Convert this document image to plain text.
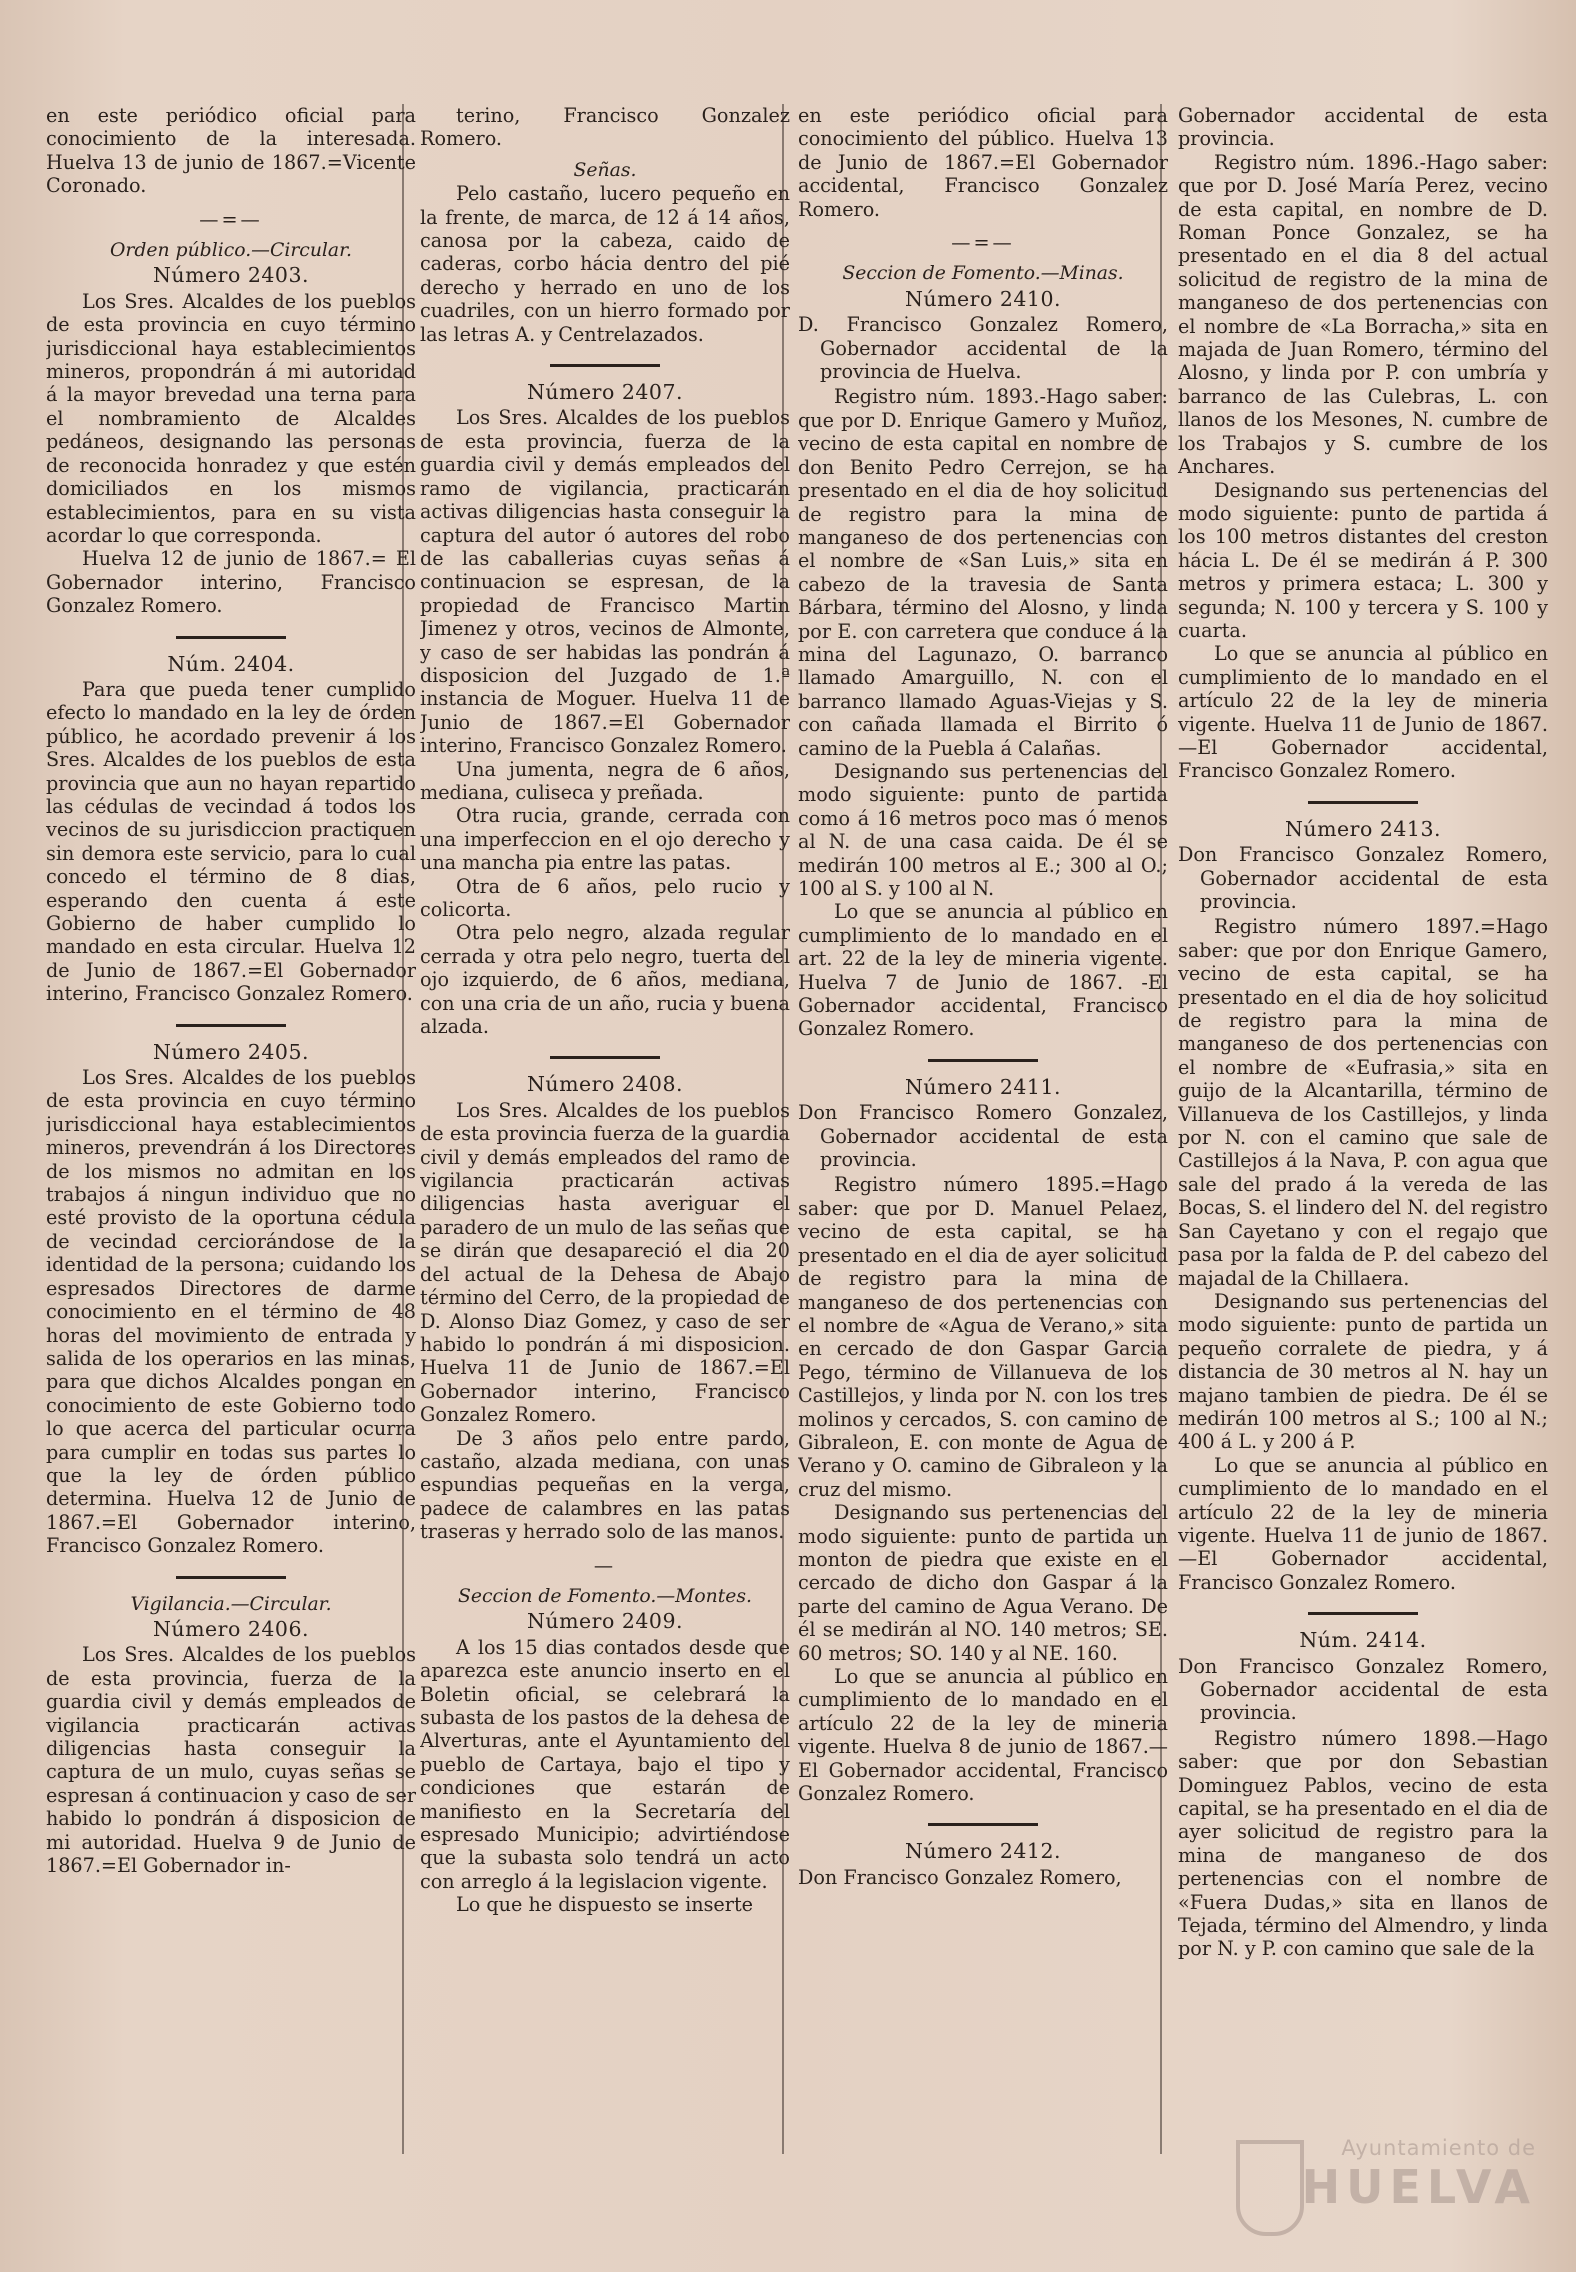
en este periódico oficial para conocimiento de la interesada. Huelva 13 de junio de 1867.=Vicente Coronado.

—=—
Orden público.—Circular.
Número 2403.

Los Sres. Alcaldes de los pueblos de esta provincia en cuyo término jurisdiccional haya establecimientos mineros, propondrán á mi autoridad á la mayor brevedad una terna para el nombramiento de Alcaldes pedáneos, designando las personas de reconocida honradez y que estén domiciliados en los mismos establecimientos, para en su vista acordar lo que corresponda.

Huelva 12 de junio de 1867.= El Gobernador interino, Francisco Gonzalez Romero.

Núm. 2404.

Para que pueda tener cumplido efecto lo mandado en la ley de órden público, he acordado prevenir á los Sres. Alcaldes de los pueblos de esta provincia que aun no hayan repartido las cédulas de vecindad á todos los vecinos de su jurisdiccion practiquen sin demora este servicio, para lo cual concedo el término de 8 dias, esperando den cuenta á este Gobierno de haber cumplido lo mandado en esta circular. Huelva 12 de Junio de 1867.=El Gobernador interino, Francisco Gonzalez Romero.

Número 2405.

Los Sres. Alcaldes de los pueblos de esta provincia en cuyo término jurisdiccional haya establecimientos mineros, prevendrán á los Directores de los mismos no admitan en los trabajos á ningun individuo que no esté provisto de la oportuna cédula de vecindad cerciorándose de la identidad de la persona; cuidando los espresados Directores de darme conocimiento en el término de 48 horas del movimiento de entrada y salida de los operarios en las minas, para que dichos Alcaldes pongan en conocimiento de este Gobierno todo lo que acerca del particular ocurra para cumplir en todas sus partes lo que la ley de órden público determina. Huelva 12 de Junio de 1867.=El Gobernador interino, Francisco Gonzalez Romero.

Vigilancia.—Circular.
Número 2406.

Los Sres. Alcaldes de los pueblos de esta provincia, fuerza de la guardia civil y demás empleados de vigilancia practicarán activas diligencias hasta conseguir la captura de un mulo, cuyas señas se espresan á continuacion y caso de ser habido lo pondrán á disposicion de mi autoridad. Huelva 9 de Junio de 1867.=El Gobernador in-

terino, Francisco Gonzalez Romero.

Señas.

Pelo castaño, lucero pequeño en la frente, de marca, de 12 á 14 años, canosa por la cabeza, caido de caderas, corbo hácia dentro del pié derecho y herrado en uno de los cuadriles, con un hierro formado por las letras A. y Centrelazados.

Número 2407.

Los Sres. Alcaldes de los pueblos de esta provincia, fuerza de la guardia civil y demás empleados del ramo de vigilancia, practicarán activas diligencias hasta conseguir la captura del autor ó autores del robo de las caballerias cuyas señas á continuacion se espresan, de la propiedad de Francisco Martin Jimenez y otros, vecinos de Almonte, y caso de ser habidas las pondrán á disposicion del Juzgado de 1.ª instancia de Moguer. Huelva 11 de Junio de 1867.=El Gobernador interino, Francisco Gonzalez Romero.

Una jumenta, negra de 6 años, mediana, culiseca y preñada.

Otra rucia, grande, cerrada con una imperfeccion en el ojo derecho y una mancha pia entre las patas.

Otra de 6 años, pelo rucio y colicorta.

Otra pelo negro, alzada regular cerrada y otra pelo negro, tuerta del ojo izquierdo, de 6 años, mediana, con una cria de un año, rucia y buena alzada.

Número 2408.

Los Sres. Alcaldes de los pueblos de esta provincia fuerza de la guardia civil y demás empleados del ramo de vigilancia practicarán activas diligencias hasta averiguar el paradero de un mulo de las señas que se dirán que desapareció el dia 20 del actual de la Dehesa de Abajo término del Cerro, de la propiedad de D. Alonso Diaz Gomez, y caso de ser habido lo pondrán á mi disposicion. Huelva 11 de Junio de 1867.=El Gobernador interino, Francisco Gonzalez Romero.

De 3 años pelo entre pardo, castaño, alzada mediana, con unas espundias pequeñas en la verga, padece de calambres en las patas traseras y herrado solo de las manos.

—
Seccion de Fomento.—Montes.
Número 2409.

A los 15 dias contados desde que aparezca este anuncio inserto en el Boletin oficial, se celebrará la subasta de los pastos de la dehesa de Alverturas, ante el Ayuntamiento del pueblo de Cartaya, bajo el tipo y condiciones que estarán de manifiesto en la Secretaría del espresado Municipio; advirtiéndose que la subasta solo tendrá un acto con arreglo á la legislacion vigente.

Lo que he dispuesto se inserte

en este periódico oficial para conocimiento del público. Huelva 13 de Junio de 1867.=El Gobernador accidental, Francisco Gonzalez Romero.

—=—
Seccion de Fomento.—Minas.
Número 2410.

D. Francisco Gonzalez Romero, Gobernador accidental de la provincia de Huelva.

Registro núm. 1893.-Hago saber: que por D. Enrique Gamero y Muñoz, vecino de esta capital en nombre de don Benito Pedro Cerrejon, se ha presentado en el dia de hoy solicitud de registro para la mina de manganeso de dos pertenencias con el nombre de «San Luis,» sita en cabezo de la travesia de Santa Bárbara, término del Alosno, y linda por E. con carretera que conduce á la mina del Lagunazo, O. barranco llamado Amarguillo, N. con el barranco llamado Aguas-Viejas y S. con cañada llamada el Birrito ó camino de la Puebla á Calañas.

Designando sus pertenencias del modo siguiente: punto de partida como á 16 metros poco mas ó menos al N. de una casa caida. De él se medirán 100 metros al E.; 300 al O.; 100 al S. y 100 al N.

Lo que se anuncia al público en cumplimiento de lo mandado en el art. 22 de la ley de mineria vigente. Huelva 7 de Junio de 1867. -El Gobernador accidental, Francisco Gonzalez Romero.

Número 2411.

Don Francisco Romero Gonzalez, Gobernador accidental de esta provincia.

Registro número 1895.=Hago saber: que por D. Manuel Pelaez, vecino de esta capital, se ha presentado en el dia de ayer solicitud de registro para la mina de manganeso de dos pertenencias con el nombre de «Agua de Verano,» sita en cercado de don Gaspar Garcia Pego, término de Villanueva de los Castillejos, y linda por N. con los tres molinos y cercados, S. con camino de Gibraleon, E. con monte de Agua de Verano y O. camino de Gibraleon y la cruz del mismo.

Designando sus pertenencias del modo siguiente: punto de partida un monton de piedra que existe en el cercado de dicho don Gaspar á la parte del camino de Agua Verano. De él se medirán al NO. 140 metros; SE. 60 metros; SO. 140 y al NE. 160.

Lo que se anuncia al público en cumplimiento de lo mandado en el artículo 22 de la ley de mineria vigente. Huelva 8 de junio de 1867.—El Gobernador accidental, Francisco Gonzalez Romero.

Número 2412.

Don Francisco Gonzalez Romero,

Gobernador accidental de esta provincia.

Registro núm. 1896.-Hago saber: que por D. José María Perez, vecino de esta capital, en nombre de D. Roman Ponce Gonzalez, se ha presentado en el dia 8 del actual solicitud de registro de la mina de manganeso de dos pertenencias con el nombre de «La Borracha,» sita en majada de Juan Romero, término del Alosno, y linda por P. con umbría y barranco de las Culebras, L. con llanos de los Mesones, N. cumbre de los Trabajos y S. cumbre de los Anchares.

Designando sus pertenencias del modo siguiente: punto de partida á los 100 metros distantes del creston hácia L. De él se medirán á P. 300 metros y primera estaca; L. 300 y segunda; N. 100 y tercera y S. 100 y cuarta.

Lo que se anuncia al público en cumplimiento de lo mandado en el artículo 22 de la ley de mineria vigente. Huelva 11 de Junio de 1867.—El Gobernador accidental, Francisco Gonzalez Romero.

Número 2413.

Don Francisco Gonzalez Romero, Gobernador accidental de esta provincia.

Registro número 1897.=Hago saber: que por don Enrique Gamero, vecino de esta capital, se ha presentado en el dia de hoy solicitud de registro para la mina de manganeso de dos pertenencias con el nombre de «Eufrasia,» sita en guijo de la Alcantarilla, término de Villanueva de los Castillejos, y linda por N. con el camino que sale de Castillejos á la Nava, P. con agua que sale del prado á la vereda de las Bocas, S. el lindero del N. del registro San Cayetano y con el regajo que pasa por la falda de P. del cabezo del majadal de la Chillaera.

Designando sus pertenencias del modo siguiente: punto de partida un pequeño corralete de piedra, y á distancia de 30 metros al N. hay un majano tambien de piedra. De él se medirán 100 metros al S.; 100 al N.; 400 á L. y 200 á P.

Lo que se anuncia al público en cumplimiento de lo mandado en el artículo 22 de la ley de mineria vigente. Huelva 11 de junio de 1867.—El Gobernador accidental, Francisco Gonzalez Romero.

Núm. 2414.

Don Francisco Gonzalez Romero, Gobernador accidental de esta provincia.

Registro número 1898.—Hago saber: que por don Sebastian Dominguez Pablos, vecino de esta capital, se ha presentado en el dia de ayer solicitud de registro para la mina de manganeso de dos pertenencias con el nombre de «Fuera Dudas,» sita en llanos de Tejada, término del Almendro, y linda por N. y P. con camino que sale de la

Ayuntamiento de
HUELVA
